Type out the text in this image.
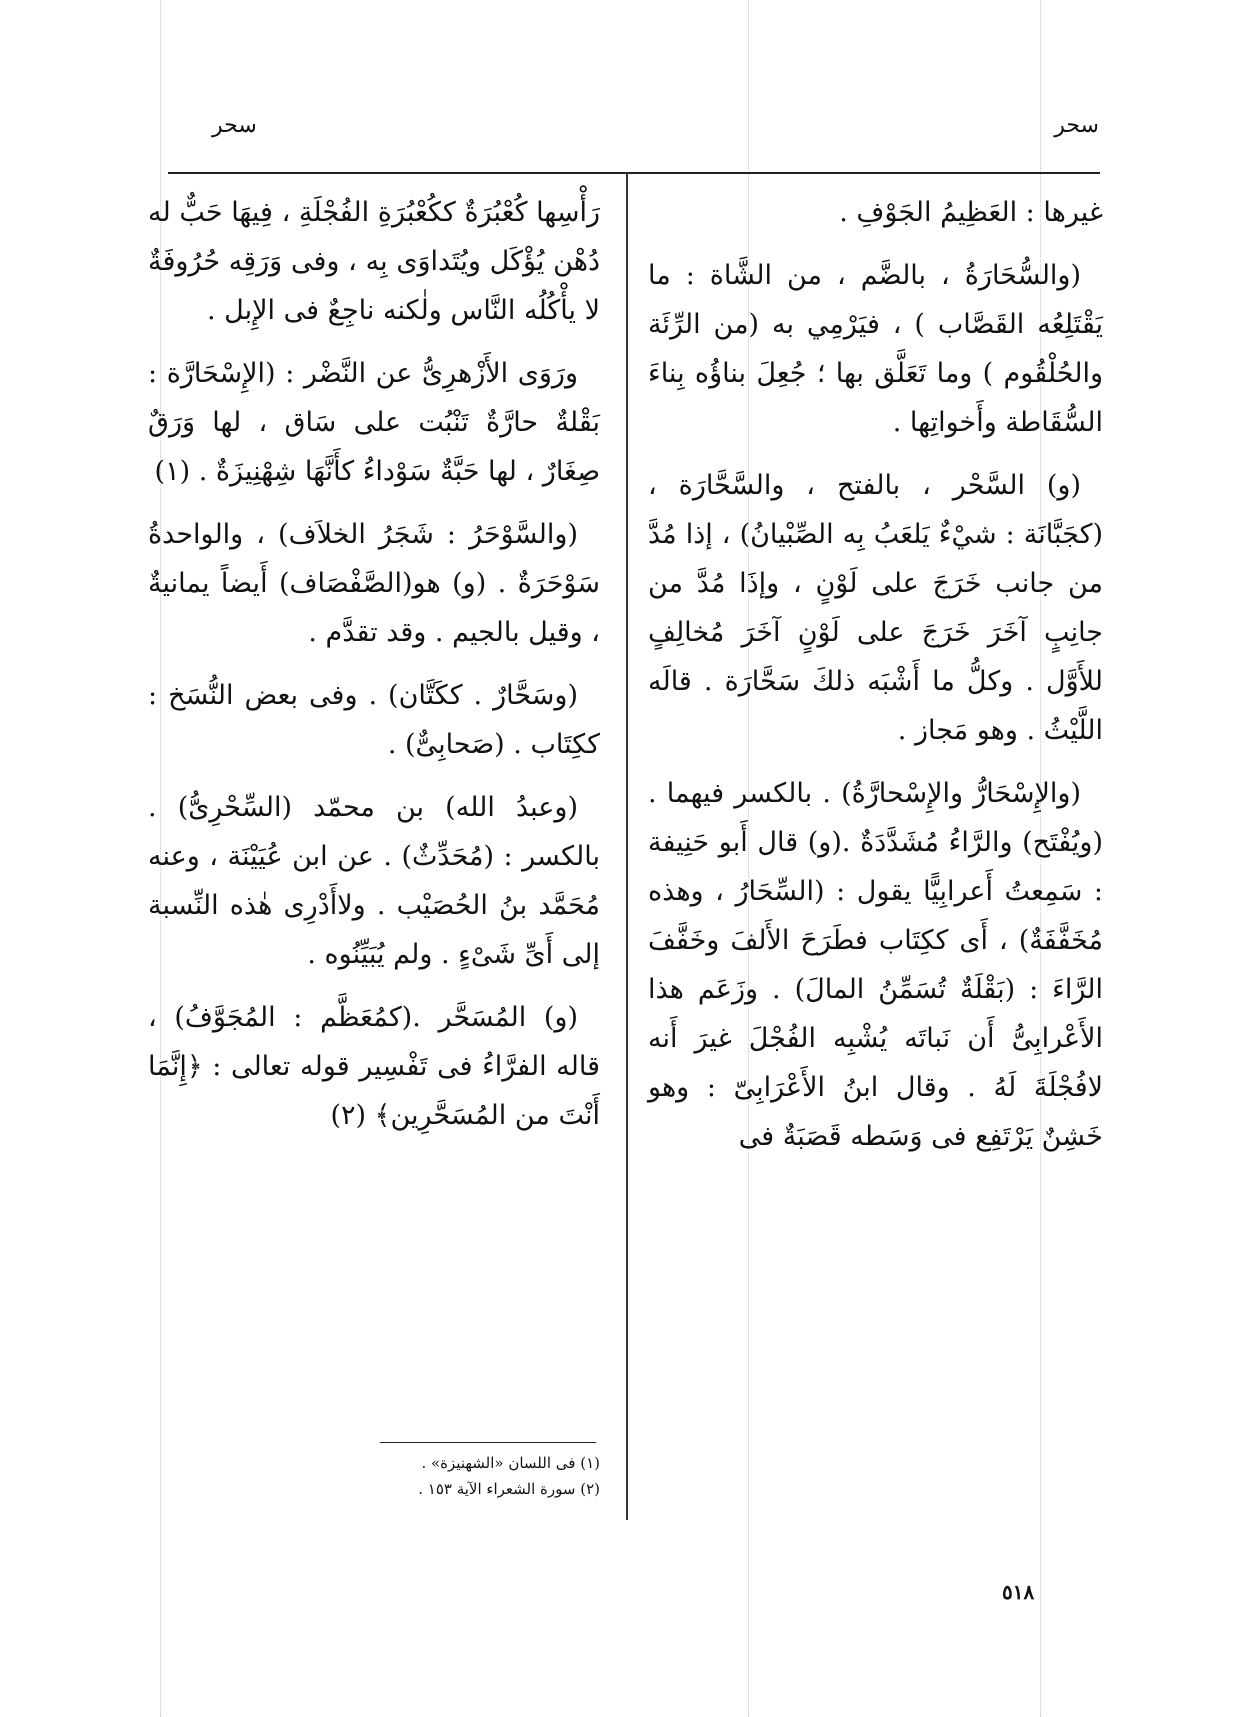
سحر
سحر

غيرها : العَظِيمُ الجَوْفِ .

(والسُّحَارَةُ ، بالضَّم ، من الشَّاة : ما يَقْتَلِعُه القَصَّاب ) ، فيَرْمِي به (من الرِّئَة والحُلْقُوم ) وما تَعَلَّق بها ؛ جُعِلَ بناؤُه بِناءَ السُّقَاطة وأَخواتِها .

(و) السَّحْر ، بالفتح ، والسَّحَّارَة ، (كجَبَّانَة : شيْءٌ يَلعَبُ بِه الصِّبْيانُ) ، إذا مُدَّ من جانب خَرَجَ على لَوْنٍ ، وإذَا مُدَّ من جانِبٍ آخَرَ خَرَجَ على لَوْنٍ آخَرَ مُخالِفٍ للأَوَّل . وكلُّ ما أَشْبَه ذلكَ سَحَّارَة . قالَه اللَّيْثُ . وهو مَجاز .

(والإِسْحَارُّ والإِسْحارَّةُ) . بالكسر فيهما . (ويُفْتَح) والرَّاءُ مُشَدَّدَةٌ .(و) قال أَبو حَنِيفة : سَمِعتُ أَعرابِيًّا يقول : (السِّحَارُ ، وهذه مُخَفَّفَةٌ) ، أَى ككِتَاب فطَرَحَ الأَلفَ وخَفَّفَ الرَّاءَ : (بَقْلَةٌ تُسَمِّنُ المالَ) . وزَعَم هذا الأَعْرابِىُّ أَن نَباتَه يُشْبِه الفُجْلَ غيرَ أَنه لافُجْلَةَ لَهُ . وقال ابنُ الأَعْرَابِىّ : وهو خَشِنٌ يَرْتَفِع فى وَسَطه قَصَبَةٌ فى

رَأْسِها كُعْبُرَةٌ ككُعْبُرَةِ الفُجْلَةِ ، فِيهَا حَبٌّ له دُهْن يُؤْكَل ويُتَداوَى بِه ، وفى وَرَقِه حُرُوفَةٌ لا يأْكُلُه النَّاس ولٰكنه ناجِعٌ فى الإِبل .

ورَوَى الأَزْهرِىُّ عن النَّضْر : (الإِسْحَارَّة : بَقْلةٌ حارَّةٌ تَنْبُت على سَاق ، لها وَرَقٌ صِغَارٌ ، لها حَبَّةٌ سَوْداءُ كأَنَّهَا شِهْنِيزَةٌ . (١)

(والسَّوْحَرُ : شَجَرُ الخلاَف) ، والواحدةُ سَوْحَرَةٌ . (و) هو(الصَّفْصَاف) أَيضاً يمانيةٌ ، وقيل بالجيم . وقد تقدَّم .

(وسَحَّارٌ . ككَتَّان) . وفى بعض النُّسَخ : ككِتَاب . (صَحابِىٌّ) .

(وعبدُ الله) بن محمّد (السِّحْرِىُّ) . بالكسر : (مُحَدِّثٌ) . عن ابن عُيَيْنَة ، وعنه مُحَمَّد بنُ الحُصَيْب . ولاأَدْرِى هٰذه النِّسبة إلى أَىِّ شَىْءٍ . ولم يُبَيِّنُوه .

(و) المُسَحَّر .(كمُعَظَّم : المُجَوَّفُ) ، قاله الفرَّاءُ فى تَفْسِير قوله تعالى : ﴿إِنَّمَا أَنْتَ من المُسَحَّرِين﴾ (٢)

(١) فى اللسان «الشهنيزة» .

(٢) سورة الشعراء الآية ١٥٣ .

٥١٨
